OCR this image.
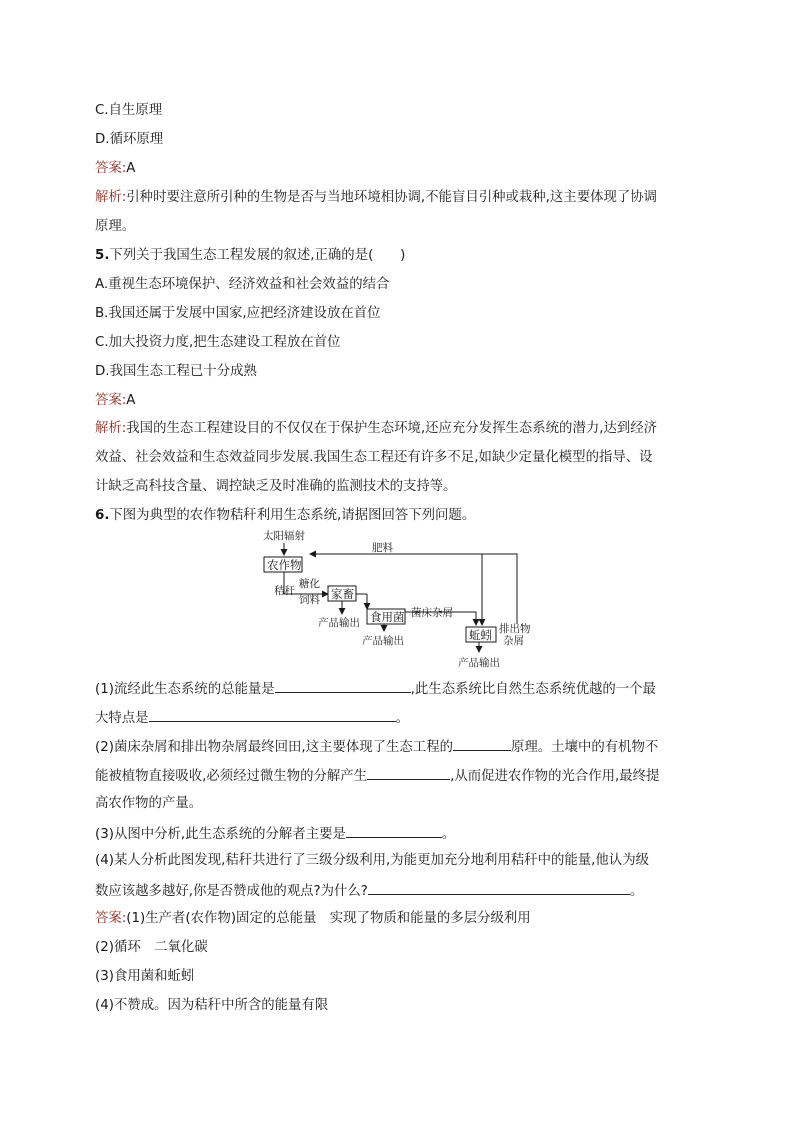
C.自生原理
D.循环原理
答案:A
解析:引种时要注意所引种的生物是否与当地环境相协调,不能盲目引种或栽种,这主要体现了协调
原理。
5.下列关于我国生态工程发展的叙述,正确的是(　　)
A.重视生态环境保护、经济效益和社会效益的结合
B.我国还属于发展中国家,应把经济建设放在首位
C.加大投资力度,把生态建设工程放在首位
D.我国生态工程已十分成熟
答案:A
解析:我国的生态工程建设目的不仅仅在于保护生态环境,还应充分发挥生态系统的潜力,达到经济
效益、社会效益和生态效益同步发展.我国生态工程还有许多不足,如缺少定量化模型的指导、设
计缺乏高科技含量、调控缺乏及时准确的监测技术的支持等。
6.下图为典型的农作物秸秆利用生态系统,请据图回答下列问题。
太阳辐射
农作物
肥料
秸秆
糖化
饲料 家畜
产品输出 食用菌 菌床杂屑
产品输出	蚯蚓 排出物
杂屑
产品输出
(1)流经此生态系统的总能量是	,此生态系统比自然生态系统优越的一个最
大特点是	。
(2)菌床杂屑和排出物杂屑最终回田,这主要体现了生态工程的	原理。土壤中的有机物不
能被植物直接吸收,必须经过微生物的分解产生	,从而促进农作物的光合作用,最终提
高农作物的产量。
(3)从图中分析,此生态系统的分解者主要是	。
(4)某人分析此图发现,秸秆共进行了三级分级利用,为能更加充分地利用秸秆中的能量,他认为级
数应该越多越好,你是否赞成他的观点?为什么?	。
答案:(1)生产者(农作物)固定的总能量　实现了物质和能量的多层分级利用
(2)循环　二氧化碳
(3)食用菌和蚯蚓
(4)不赞成。因为秸秆中所含的能量有限
